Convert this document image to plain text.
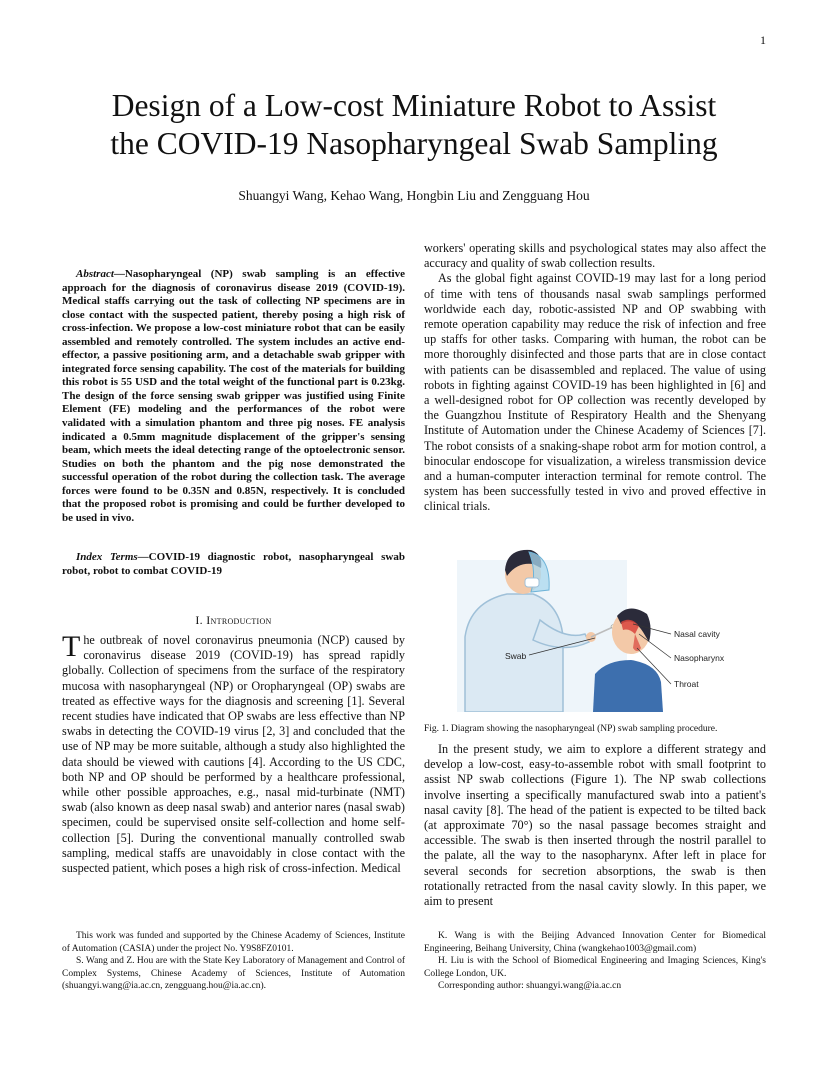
1
Design of a Low-cost Miniature Robot to Assist
the COVID-19 Nasopharyngeal Swab Sampling
Shuangyi Wang, Kehao Wang, Hongbin Liu and Zengguang Hou

Abstract—Nasopharyngeal (NP) swab sampling is an effective approach for the diagnosis of coronavirus disease 2019 (COVID-19). Medical staffs carrying out the task of collecting NP specimens are in close contact with the suspected patient, thereby posing a high risk of cross-infection. We propose a low-cost miniature robot that can be easily assembled and remotely controlled. The system includes an active end-effector, a passive positioning arm, and a detachable swab gripper with integrated force sensing capability. The cost of the materials for building this robot is 55 USD and the total weight of the functional part is 0.23kg. The design of the force sensing swab gripper was justified using Finite Element (FE) modeling and the performances of the robot were validated with a simulation phantom and three pig noses. FE analysis indicated a 0.5mm magnitude displacement of the gripper's sensing beam, which meets the ideal detecting range of the optoelectronic sensor. Studies on both the phantom and the pig nose demonstrated the successful operation of the robot during the collection task. The average forces were found to be 0.35N and 0.85N, respectively. It is concluded that the proposed robot is promising and could be further developed to be used in vivo.

Index Terms—COVID-19 diagnostic robot, nasopharyngeal swab robot, robot to combat COVID-19

I. Introduction

The outbreak of novel coronavirus pneumonia (NCP) caused by coronavirus disease 2019 (COVID-19) has spread rapidly globally. Collection of specimens from the surface of the respiratory mucosa with nasopharyngeal (NP) or Oropharyngeal (OP) swabs are treated as effective ways for the diagnosis and screening [1]. Several recent studies have indicated that OP swabs are less effective than NP swabs in detecting the COVID-19 virus [2, 3] and concluded that the use of NP may be more suitable, although a study also highlighted the data should be viewed with cautions [4]. According to the US CDC, both NP and OP should be performed by a healthcare professional, while other possible approaches, e.g., nasal mid-turbinate (NMT) swab (also known as deep nasal swab) and anterior nares (nasal swab) specimen, could be supervised onsite self-collection and home self-collection [5]. During the conventional manually controlled swab sampling, medical staffs are unavoidably in close contact with the suspected patient, which poses a high risk of cross-infection. Medical

workers' operating skills and psychological states may also affect the accuracy and quality of swab collection results.

As the global fight against COVID-19 may last for a long period of time with tens of thousands nasal swab samplings performed worldwide each day, robotic-assisted NP and OP swabbing with remote operation capability may reduce the risk of infection and free up staffs for other tasks. Comparing with human, the robot can be more thoroughly disinfected and those parts that are in close contact with patients can be disassembled and replaced. The value of using robots in fighting against COVID-19 has been highlighted in [6] and a well-designed robot for OP collection was recently developed by the Guangzhou Institute of Respiratory Health and the Shenyang Institute of Automation under the Chinese Academy of Sciences [7]. The robot consists of a snaking-shape robot arm for motion control, a binocular endoscope for visualization, a wireless transmission device and a human-computer interaction terminal for remote control. The system has been successfully tested in vivo and proved effective in clinical trials.

Nasal cavity
Nasopharynx
Throat
Swab
Fig. 1. Diagram showing the nasopharyngeal (NP) swab sampling procedure.

In the present study, we aim to explore a different strategy and develop a low-cost, easy-to-assemble robot with small footprint to assist NP swab collections (Figure 1). The NP swab collections involve inserting a specifically manufactured swab into a patient's nasal cavity [8]. The head of the patient is expected to be tilted back (at approximate 70°) so the nasal passage becomes straight and accessible. The swab is then inserted through the nostril parallel to the palate, all the way to the nasopharynx. After left in place for several seconds for secretion absorptions, the swab is then rotationally retracted from the nasal cavity slowly. In this paper, we aim to present

This work was funded and supported by the Chinese Academy of Sciences, Institute of Automation (CASIA) under the project No. Y9S8FZ0101.

S. Wang and Z. Hou are with the State Key Laboratory of Management and Control of Complex Systems, Chinese Academy of Sciences, Institute of Automation (shuangyi.wang@ia.ac.cn, zengguang.hou@ia.ac.cn).

K. Wang is with the Beijing Advanced Innovation Center for Biomedical Engineering, Beihang University, China (wangkehao1003@gmail.com)

H. Liu is with the School of Biomedical Engineering and Imaging Sciences, King's College London, UK.

Corresponding author: shuangyi.wang@ia.ac.cn
